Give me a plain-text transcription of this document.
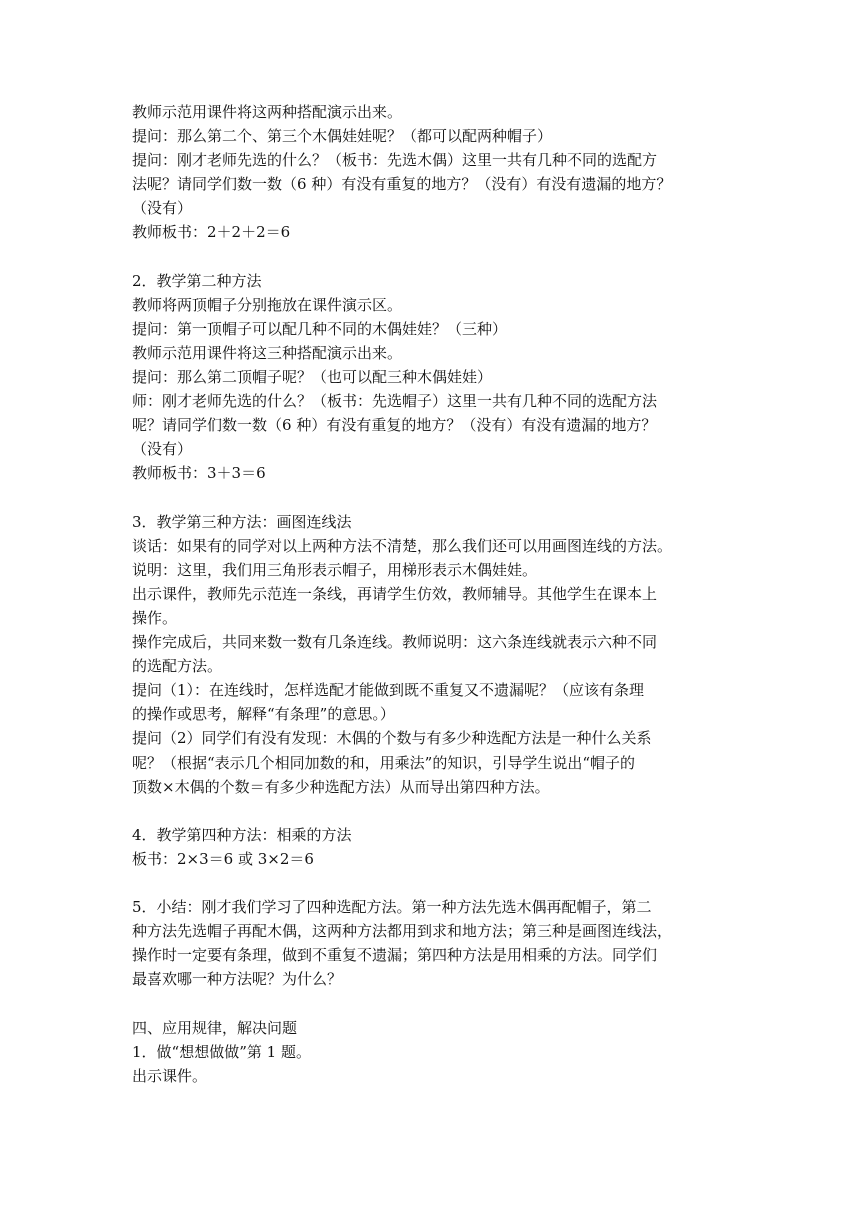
教师示范用课件将这两种搭配演示出来。
提问：那么第二个、第三个木偶娃娃呢？（都可以配两种帽子）
提问：刚才老师先选的什么？（板书：先选木偶）这里一共有几种不同的选配方
法呢？请同学们数一数（6 种）有没有重复的地方？（没有）有没有遗漏的地方？
（没有）
教师板书：2＋2＋2＝6
2．教学第二种方法
教师将两顶帽子分别拖放在课件演示区。
提问：第一顶帽子可以配几种不同的木偶娃娃？（三种）
教师示范用课件将这三种搭配演示出来。
提问：那么第二顶帽子呢？（也可以配三种木偶娃娃）
师：刚才老师先选的什么？（板书：先选帽子）这里一共有几种不同的选配方法
呢？请同学们数一数（6 种）有没有重复的地方？（没有）有没有遗漏的地方？
（没有）
教师板书：3＋3＝6
3．教学第三种方法：画图连线法
谈话：如果有的同学对以上两种方法不清楚，那么我们还可以用画图连线的方法。
说明：这里，我们用三角形表示帽子，用梯形表示木偶娃娃。
出示课件，教师先示范连一条线，再请学生仿效，教师辅导。其他学生在课本上
操作。
操作完成后，共同来数一数有几条连线。教师说明：这六条连线就表示六种不同
的选配方法。
提问（1）：在连线时，怎样选配才能做到既不重复又不遗漏呢？（应该有条理
的操作或思考，解释“有条理”的意思。）
提问（2）同学们有没有发现：木偶的个数与有多少种选配方法是一种什么关系
呢？（根据“表示几个相同加数的和，用乘法”的知识，引导学生说出“帽子的
顶数×木偶的个数＝有多少种选配方法）从而导出第四种方法。
4．教学第四种方法：相乘的方法
板书：2×3＝6 或 3×2＝6
5．小结：刚才我们学习了四种选配方法。第一种方法先选木偶再配帽子，第二
种方法先选帽子再配木偶，这两种方法都用到求和地方法；第三种是画图连线法，
操作时一定要有条理，做到不重复不遗漏；第四种方法是用相乘的方法。同学们
最喜欢哪一种方法呢？为什么？
四、应用规律，解决问题
1．做“想想做做”第 1 题。
出示课件。
